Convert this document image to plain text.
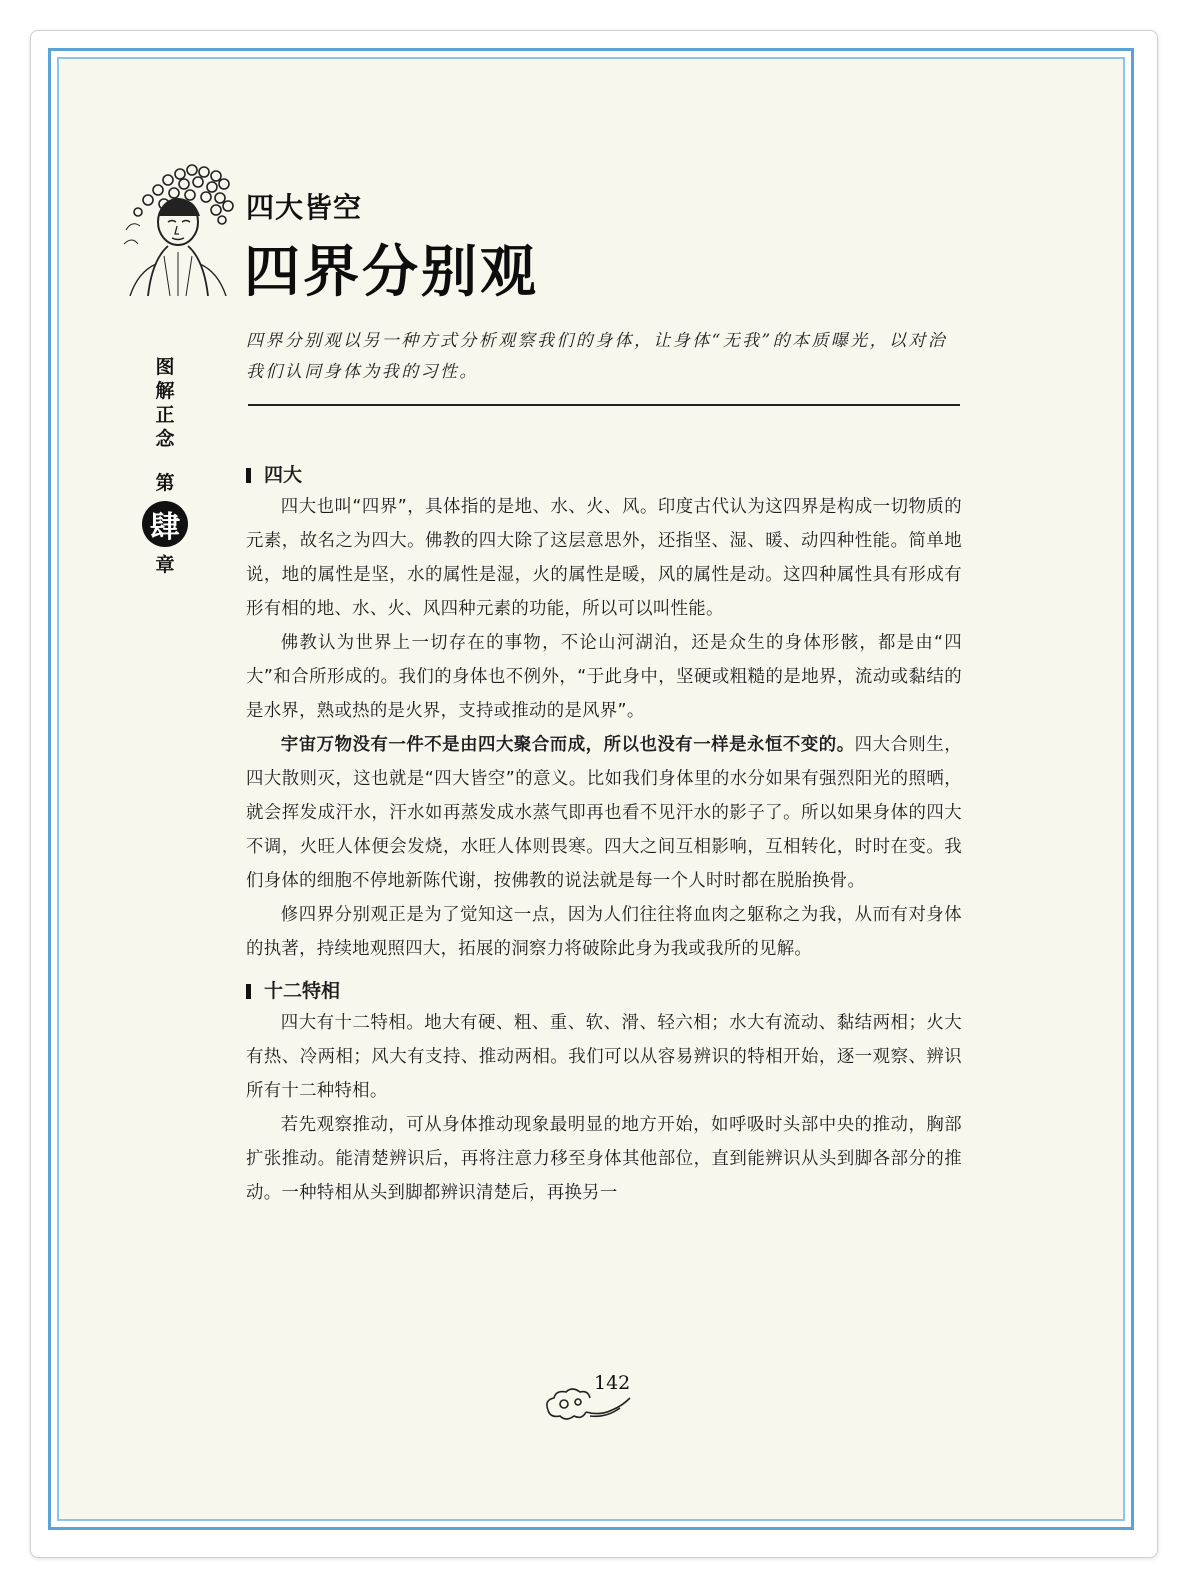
四大皆空
四界分别观
图
解
正
念
第
肆
章
四界分别观以另一种方式分析观察我们的身体，让身体“无我”的本质曝光，以对治我们认同身体为我的习性。
四大

四大也叫“四界”，具体指的是地、水、火、风。印度古代认为这四界是构成一切物质的元素，故名之为四大。佛教的四大除了这层意思外，还指坚、湿、暖、动四种性能。简单地说，地的属性是坚，水的属性是湿，火的属性是暖，风的属性是动。这四种属性具有形成有形有相的地、水、火、风四种元素的功能，所以可以叫性能。

佛教认为世界上一切存在的事物，不论山河湖泊，还是众生的身体形骸，都是由“四大”和合所形成的。我们的身体也不例外，“于此身中，坚硬或粗糙的是地界，流动或黏结的是水界，熟或热的是火界，支持或推动的是风界”。

宇宙万物没有一件不是由四大聚合而成，所以也没有一样是永恒不变的。四大合则生，四大散则灭，这也就是“四大皆空”的意义。比如我们身体里的水分如果有强烈阳光的照晒，就会挥发成汗水，汗水如再蒸发成水蒸气即再也看不见汗水的影子了。所以如果身体的四大不调，火旺人体便会发烧，水旺人体则畏寒。四大之间互相影响，互相转化，时时在变。我们身体的细胞不停地新陈代谢，按佛教的说法就是每一个人时时都在脱胎换骨。

修四界分别观正是为了觉知这一点，因为人们往往将血肉之躯称之为我，从而有对身体的执著，持续地观照四大，拓展的洞察力将破除此身为我或我所的见解。

十二特相

四大有十二特相。地大有硬、粗、重、软、滑、轻六相；水大有流动、黏结两相；火大有热、冷两相；风大有支持、推动两相。我们可以从容易辨识的特相开始，逐一观察、辨识所有十二种特相。

若先观察推动，可从身体推动现象最明显的地方开始，如呼吸时头部中央的推动，胸部扩张推动。能清楚辨识后，再将注意力移至身体其他部位，直到能辨识从头到脚各部分的推动。一种特相从头到脚都辨识清楚后，再换另一

142
